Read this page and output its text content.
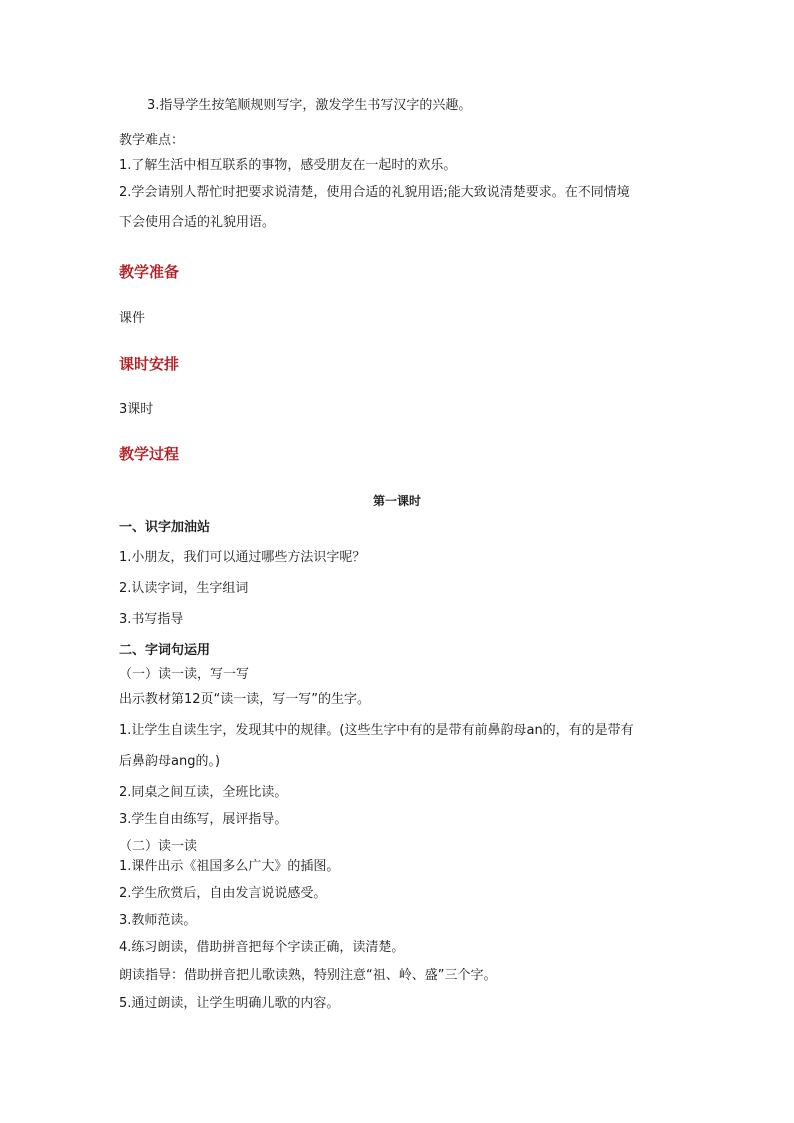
3.指导学生按笔顺规则写字，激发学生书写汉字的兴趣。
教学难点：
1.了解生活中相互联系的事物，感受朋友在一起时的欢乐。
2.学会请别人帮忙时把要求说清楚，使用合适的礼貌用语;能大致说清楚要求。在不同情境
下会使用合适的礼貌用语。
教学准备
课件
课时安排
3课时
教学过程
第一课时
一、识字加油站
1.小朋友，我们可以通过哪些方法识字呢？
2.认读字词，生字组词
3.书写指导
二、字词句运用
（一）读一读，写一写
出示教材第12页“读一读，写一写”的生字。
1.让学生自读生字，发现其中的规律。(这些生字中有的是带有前鼻韵母an的，有的是带有
后鼻韵母ang的。)
2.同桌之间互读，全班比读。
3.学生自由练写，展评指导。
（二）读一读
1.课件出示《祖国多么广大》的插图。
2.学生欣赏后，自由发言说说感受。
3.教师范读。
4.练习朗读，借助拼音把每个字读正确，读清楚。
朗读指导：借助拼音把儿歌读熟，特别注意“祖、岭、盛”三个字。
5.通过朗读，让学生明确儿歌的内容。
